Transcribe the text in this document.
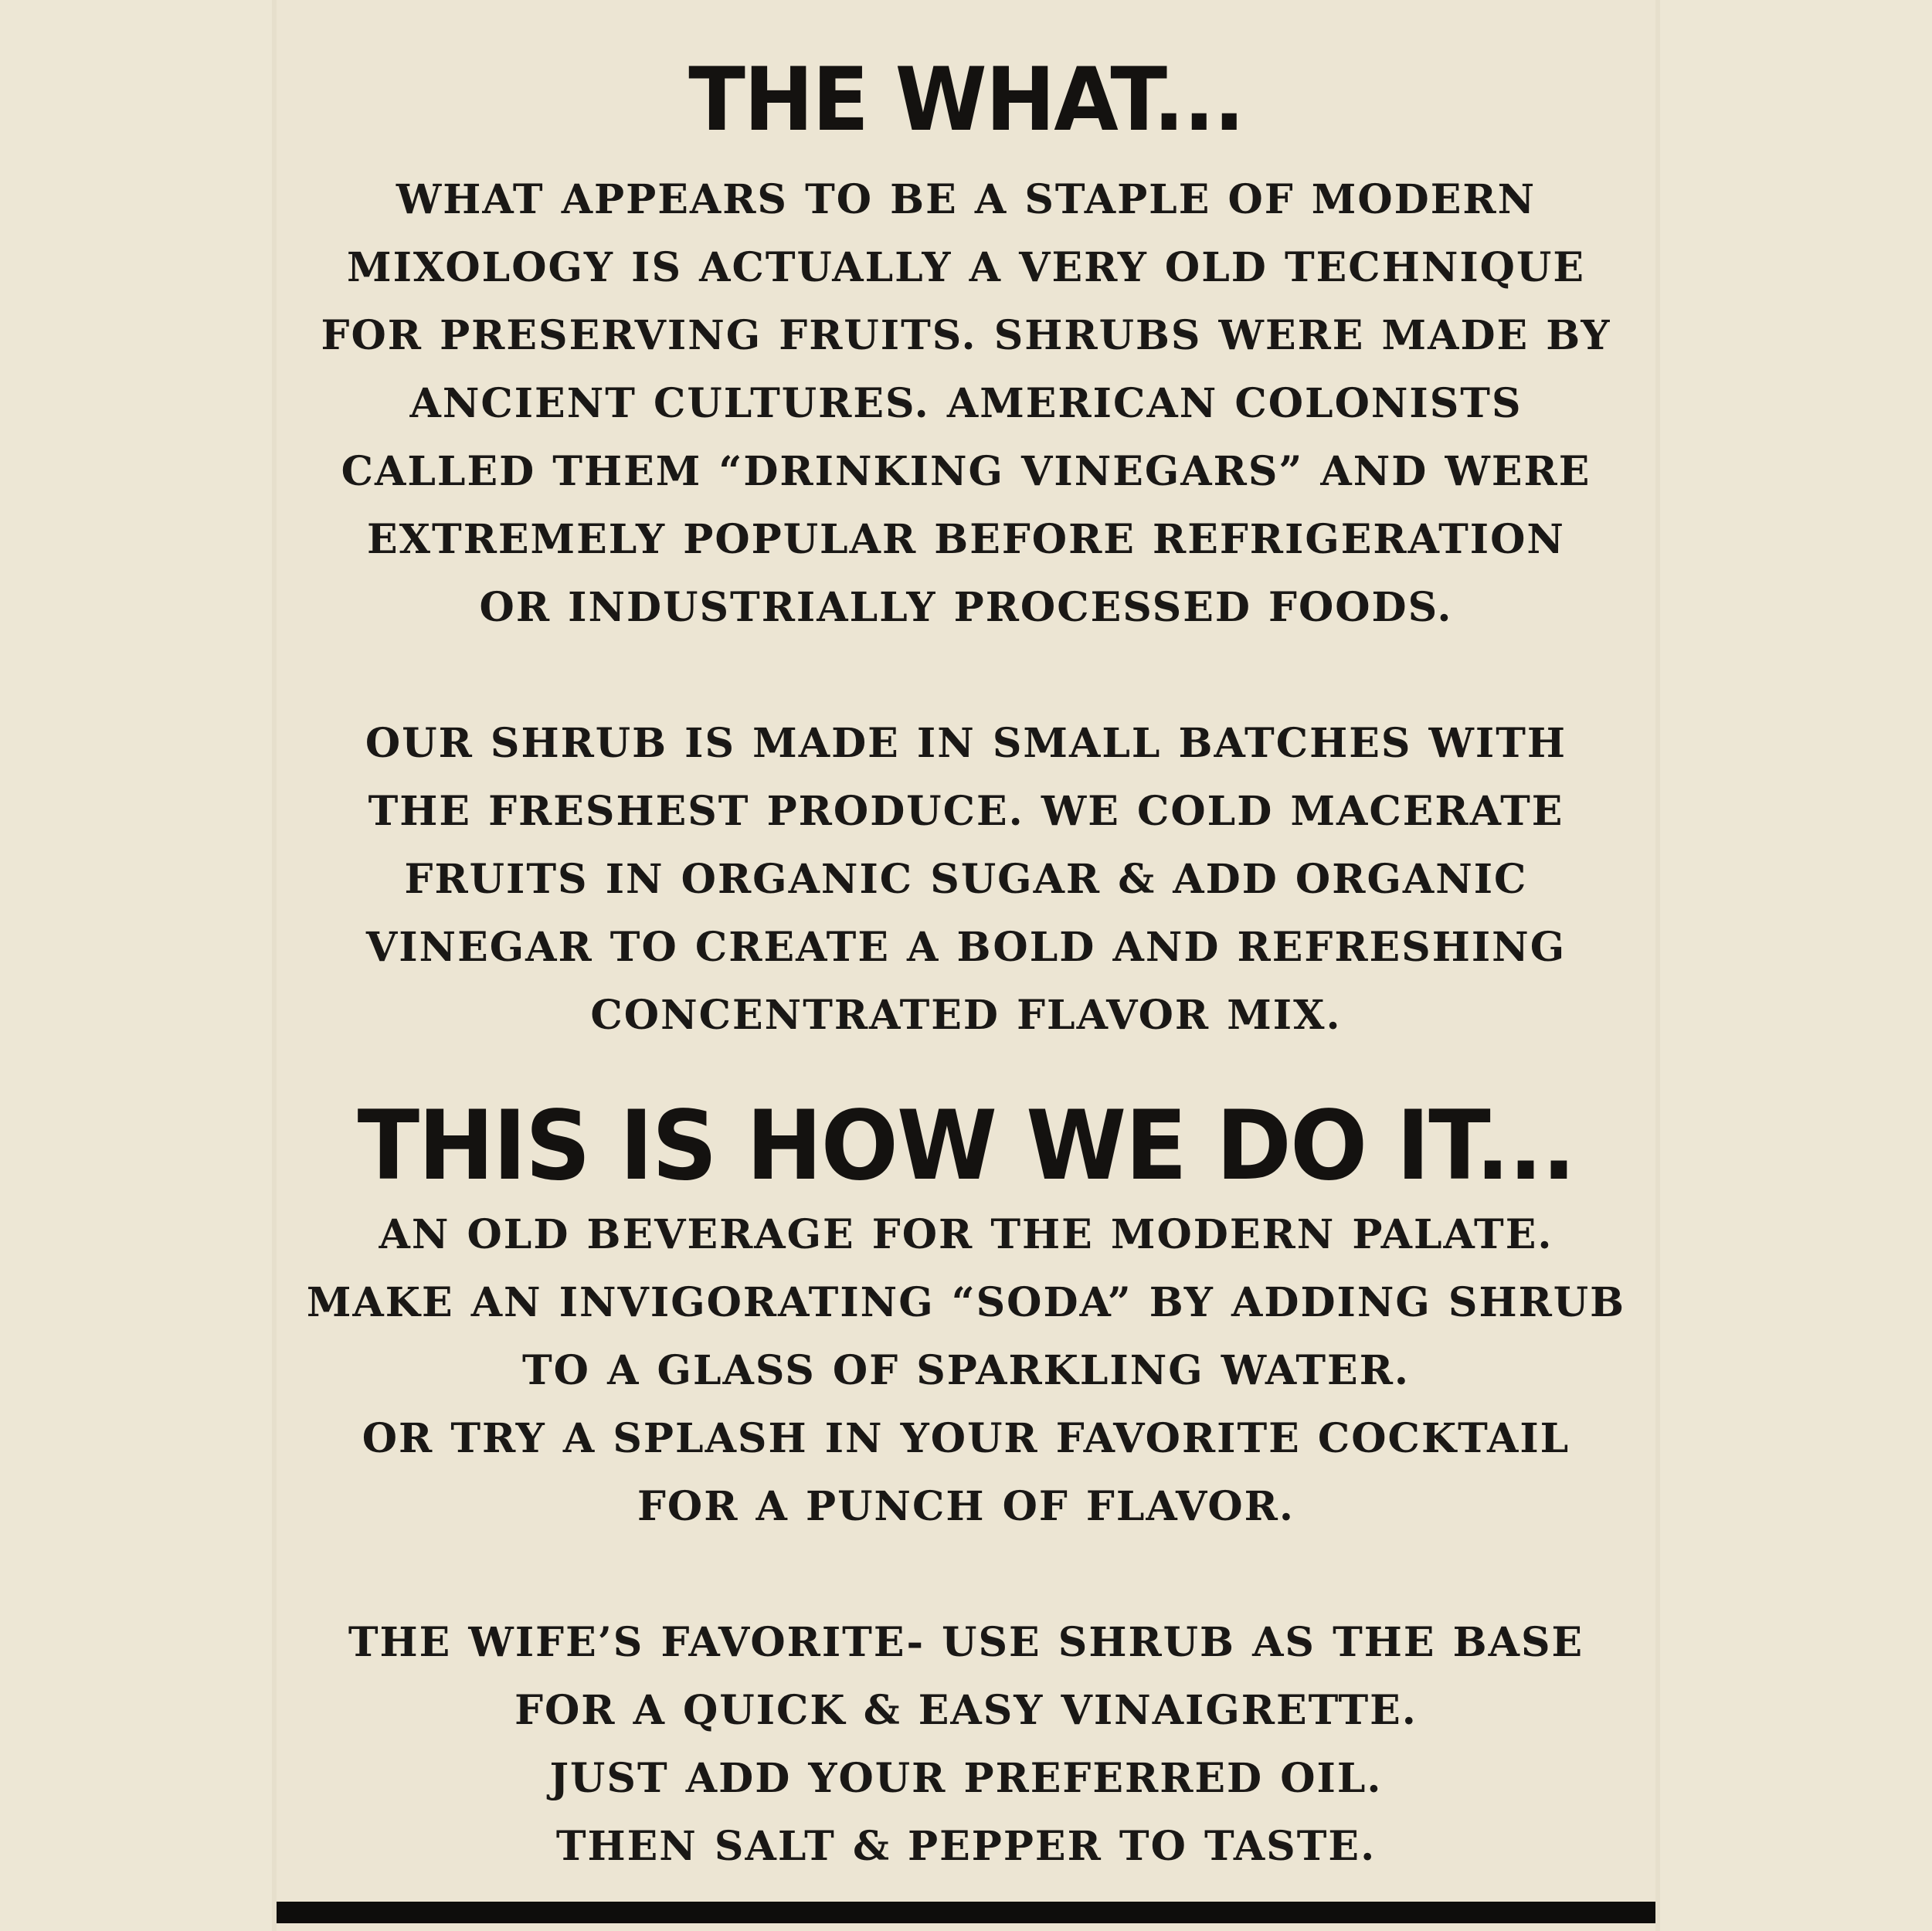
THE WHAT...

WHAT APPEARS TO BE A STAPLE OF MODERN
MIXOLOGY IS ACTUALLY A VERY OLD TECHNIQUE
FOR PRESERVING FRUITS. SHRUBS WERE MADE BY
ANCIENT CULTURES. AMERICAN COLONISTS
CALLED THEM “DRINKING VINEGARS” AND WERE
EXTREMELY POPULAR BEFORE REFRIGERATION
OR INDUSTRIALLY PROCESSED FOODS.

OUR SHRUB IS MADE IN SMALL BATCHES WITH
THE FRESHEST PRODUCE. WE COLD MACERATE
FRUITS IN ORGANIC SUGAR & ADD ORGANIC
VINEGAR TO CREATE A BOLD AND REFRESHING
CONCENTRATED FLAVOR MIX.

THIS IS HOW WE DO IT...

AN OLD BEVERAGE FOR THE MODERN PALATE.
MAKE AN INVIGORATING “SODA” BY ADDING SHRUB
TO A GLASS OF SPARKLING WATER.
OR TRY A SPLASH IN YOUR FAVORITE COCKTAIL
FOR A PUNCH OF FLAVOR.

THE WIFE’S FAVORITE- USE SHRUB AS THE BASE
FOR A QUICK & EASY VINAIGRETTE.
JUST ADD YOUR PREFERRED OIL.
THEN SALT & PEPPER TO TASTE.
